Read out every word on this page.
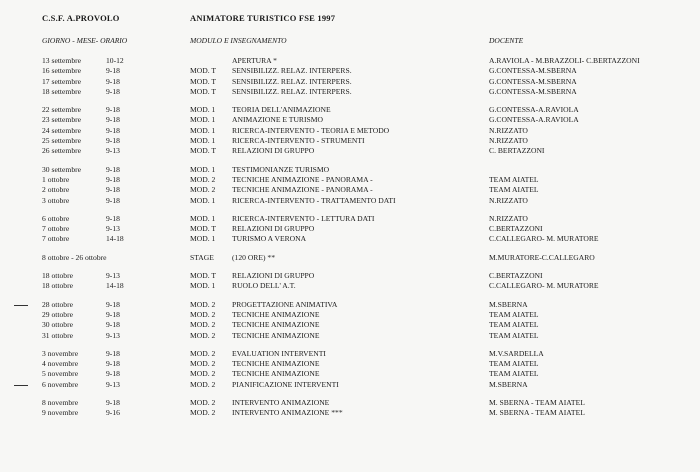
C.S.F. A.PROVOLO	ANIMATORE TURISTICO FSE 1997
GIORNO - MESE- ORARIO	MODULO E INSEGNAMENTO	DOCENTE
13 settembre	10-12	APERTURA *	A.RAVIOLA - M.BRAZZOLI- C.BERTAZZONI
16 settembre	9-18	MOD. T SENSIBILIZZ. RELAZ. INTERPERS.	G.CONTESSA-M.SBERNA
17 settembre	9-18	MOD. T SENSIBILIZZ. RELAZ. INTERPERS.	G.CONTESSA-M.SBERNA
18 settembre	9-18	MOD. T SENSIBILIZZ. RELAZ. INTERPERS.	G.CONTESSA-M.SBERNA
22 settembre	9-18	MOD. 1 TEORIA DELL'ANIMAZIONE	G.CONTESSA-A.RAVIOLA
23 settembre	9-18	MOD. 1 ANIMAZIONE E TURISMO	G.CONTESSA-A.RAVIOLA
24 settembre	9-18	MOD. 1 RICERCA-INTERVENTO - TEORIA E METODO	N.RIZZATO
25 settembre	9-18	MOD. 1 RICERCA-INTERVENTO - STRUMENTI	N.RIZZATO
26 settembre	9-13	MOD. T RELAZIONI DI GRUPPO	C. BERTAZZONI
30 settembre	9-18	MOD. 1 TESTIMONIANZE TURISMO
1 ottobre	9-18	MOD. 2 TECNICHE ANIMAZIONE - PANORAMA -	TEAM AIATEL
2 ottobre	9-18	MOD. 2 TECNICHE ANIMAZIONE - PANORAMA -	TEAM AIATEL
3 ottobre	9-18	MOD. 1 RICERCA-INTERVENTO - TRATTAMENTO DATI	N.RIZZATO
6 ottobre	9-18	MOD. 1 RICERCA-INTERVENTO - LETTURA DATI	N.RIZZATO
7 ottobre	9-13	MOD. T RELAZIONI DI GRUPPO	C.BERTAZZONI
7 ottobre	14-18	MOD. 1 TURISMO A VERONA	C.CALLEGARO- M. MURATORE
8 ottobre - 26 ottobre	STAGE (120 ORE) **	M.MURATORE-C.CALLEGARO
18 ottobre	9-13	MOD. T RELAZIONI DI GRUPPO	C.BERTAZZONI
18 ottobre	14-18	MOD. 1 RUOLO DELL' A.T.	C.CALLEGARO- M. MURATORE
28 ottobre	9-18	MOD. 2 PROGETTAZIONE ANIMATIVA	M.SBERNA
29 ottobre	9-18	MOD. 2 TECNICHE ANIMAZIONE	TEAM AIATEL
30 ottobre	9-18	MOD. 2 TECNICHE ANIMAZIONE	TEAM AIATEL
31 ottobre	9-13	MOD. 2 TECNICHE ANIMAZIONE	TEAM AIATEL
3 novembre	9-18	MOD. 2 EVALUATION INTERVENTI	M.V.SARDELLA
4 novembre	9-18	MOD. 2 TECNICHE ANIMAZIONE	TEAM AIATEL
5 novembre	9-18	MOD. 2 TECNICHE ANIMAZIONE	TEAM AIATEL
6 novembre	9-13	MOD. 2 PIANIFICAZIONE INTERVENTI	M.SBERNA
8 novembre	9-18	MOD. 2 INTERVENTO ANIMAZIONE	M. SBERNA - TEAM AIATEL
9 novembre	9-16	MOD. 2 INTERVENTO ANIMAZIONE ***	M. SBERNA - TEAM AIATEL
